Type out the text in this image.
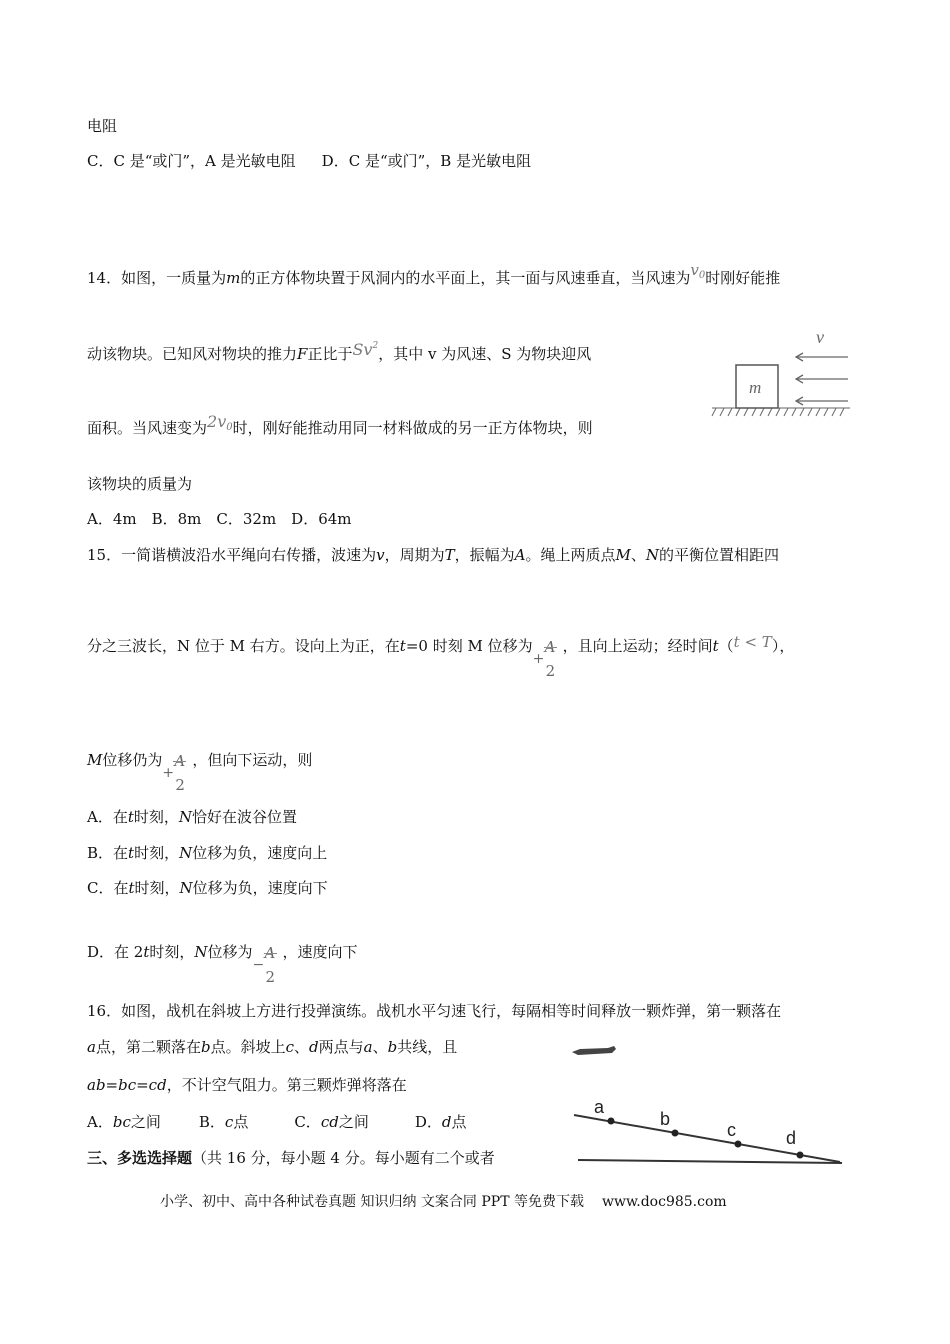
电阻
C．C 是“或门”，A 是光敏电阻 D．C 是“或门”，B 是光敏电阻
14．如图，一质量为m的正方体物块置于风洞内的水平面上，其一面与风速垂直，当风速为$v_0$时刚好能推
动该物块。已知风对物块的推力F正比于Sv$^2$，其中 v 为风速、S 为物块迎风
面积。当风速变为$2v_0$时，刚好能推动用同一材料做成的另一正方体物块，则
该物块的质量为
A．4m　B．8m　C．32m　D．64m
m
v
15．一简谐横波沿水平绳向右传播，波速为v，周期为T，振幅为A。绳上两质点M、N的平衡位置相距四
分之三波长，N 位于 M 右方。设向上为正，在t=0 时刻 M 位移为
+
A
2
，且向上运动；经时间t（t < T），
M位移仍为
+
A
2
，但向下运动，则
A．在t时刻，N恰好在波谷位置
B．在t时刻，N位移为负，速度向上
C．在t时刻，N位移为负，速度向下
D．在 2t时刻，N位移为
−
A
2
，速度向下
16．如图，战机在斜坡上方进行投弹演练。战机水平匀速飞行，每隔相等时间释放一颗炸弹，第一颗落在
a点，第二颗落在b点。斜坡上c、d两点与a、b共线，且
ab=bc=cd，不计空气阻力。第三颗炸弹将落在
A．bc之间	B．c点	C．cd之间	D．d点
a
b
c	d
三、多选选择题（共 16 分，每小题 4 分。每小题有二个或者
小学、初中、高中各种试卷真题 知识归纳 文案合同 PPT 等免费下载 www.doc985.com
